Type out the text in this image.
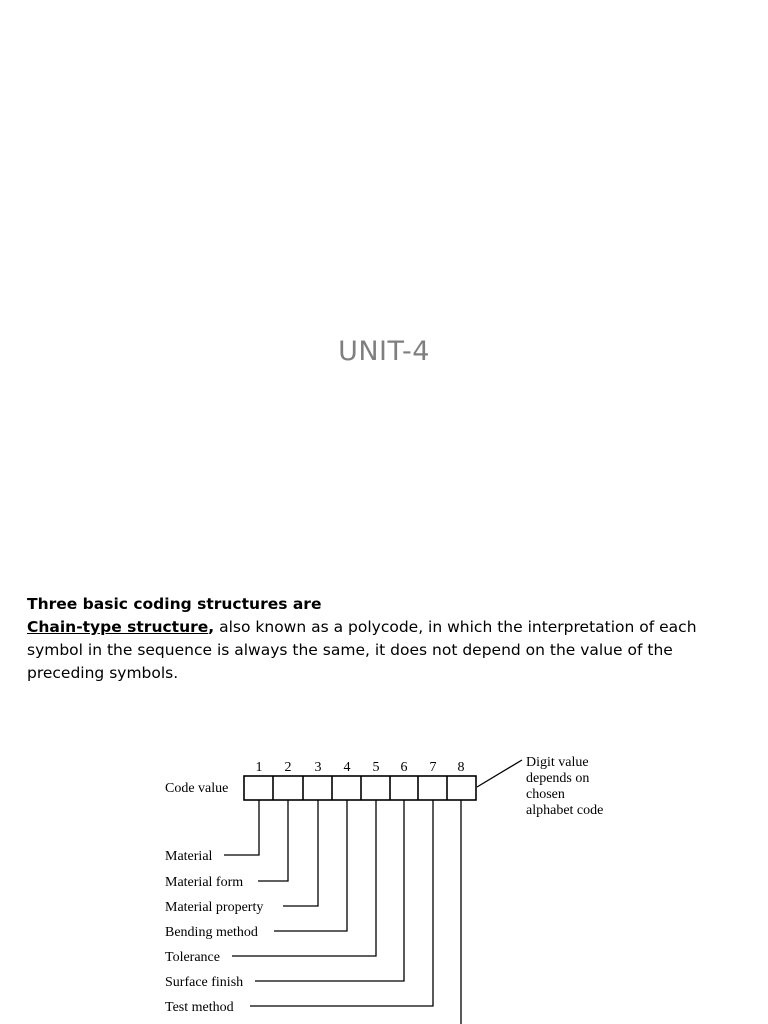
UNIT-4
Three basic coding structures are
Chain-type structure, also known as a polycode, in which the interpretation of each symbol in the sequence is always the same, it does not depend on the value of the preceding symbols.
Code value
1 2 3 4 5 6 7 8	Digit value
depends on
chosen
alphabet code
Material
Material form
Material property
Bending method
Tolerance
Surface finish
Test method
